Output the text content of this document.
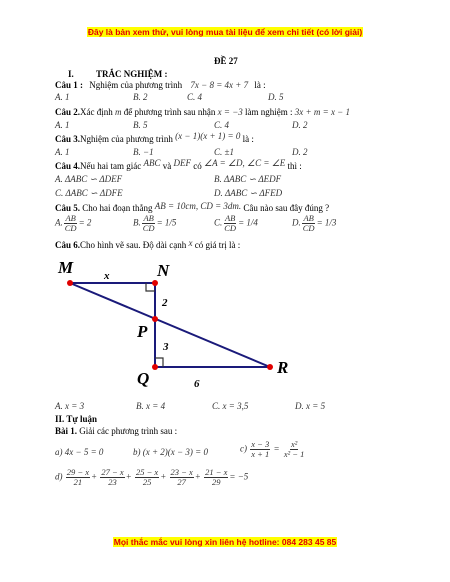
Đây là bản xem thử, vui lòng mua tài liệu để xem chi tiết (có lời giải)
ĐỀ 27
I. TRẮC NGHIỆM :
Câu 1 : Nghiệm của phương trình 7x − 8 = 4x + 7 là :
A. 1	B. 2	C. 4	D. 5
Câu 2.Xác định m để phương trình sau nhận x = −3 làm nghiệm : 3x + m = x − 1
A. 1	B. 5	C. 4	D. 2
Câu 3.Nghiệm của phương trình (x − 1)(x + 1) = 0 là :
A. 1	B. −1	C. ±1	D. 2
Câu 4.Nếu hai tam giác ABC và DEF có ∠A = ∠D, ∠C = ∠E thì :
A. ΔABC ∽ ΔDEF	B. ΔABC ∽ ΔEDF
C. ΔABC ∽ ΔDFE	D. ΔABC ∽ ΔFED
Câu 5. Cho hai đoạn thẳng AB = 10cm, CD = 3dm. Câu nào sau đây đúng ?
A. $\frac{AB}{CD} = 2$	B. $\frac{AB}{CD} = 1/5$	C. $\frac{AB}{CD} = 1/4$	D. $\frac{AB}{CD} = 1/3$
Câu 6.Cho hình vẽ sau. Độ dài cạnh x có giá trị là :
M	N
P
Q
R
x
2
3
6
A. x = 3	B. x = 4	C. x = 3,5	D. x = 5
II. Tự luận
Bài 1. Giải các phương trình sau :
a) 4x − 5 = 0	b) (x + 2)(x − 3) = 0	$c) \frac{x - 3}{x + 1} = \frac{\text{x²}}{\text{x² − 1}}$
$d) \frac{29 - x}{21} + \frac{27 - x}{23} + \frac{25 - x}{25} + \frac{23 - x}{27} + \frac{21 - x}{29} = -5$
Mọi thắc mắc vui lòng xin liên hệ hotline: 084 283 45 85
